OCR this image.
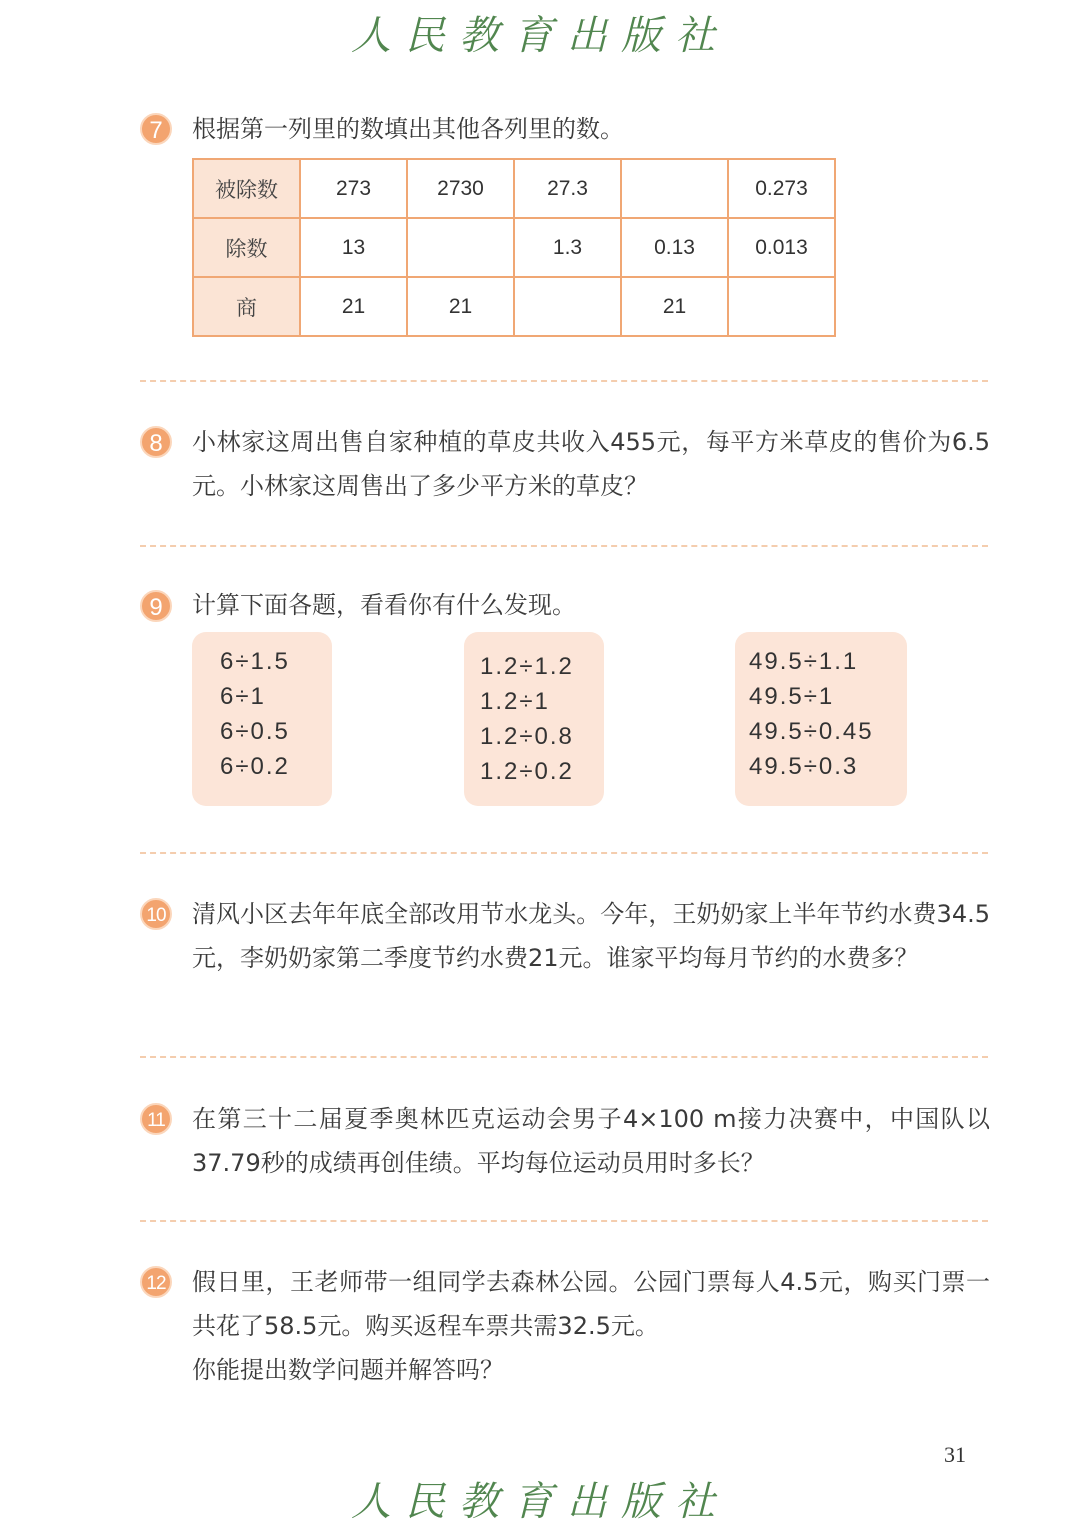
人民教育出版社
7	根据第一列里的数填出其他各列里的数。
被除数	273	2730	27.3		0.273
除数	13		1.3	0.13	0.013
商	21	21		21	
8	小林家这周出售自家种植的草皮共收入455元，每平方米草皮的售价为6.5元。小林家这周售出了多少平方米的草皮？
9	计算下面各题，看看你有什么发现。
6÷1.5
6÷1
6÷0.5
6÷0.2
1.2÷1.2
1.2÷1
1.2÷0.8
1.2÷0.2
49.5÷1.1
49.5÷1
49.5÷0.45
49.5÷0.3
10 清风小区去年年底全部改用节水龙头。今年，王奶奶家上半年节约水费34.5元，李奶奶家第二季度节约水费21元。谁家平均每月节约的水费多？
11 在第三十二届夏季奥林匹克运动会男子4×100 m接力决赛中，中国队以37.79秒的成绩再创佳绩。平均每位运动员用时多长？
12 假日里，王老师带一组同学去森林公园。公园门票每人4.5元，购买门票一共花了58.5元。购买返程车票共需32.5元。
你能提出数学问题并解答吗？
31
人民教育出版社
